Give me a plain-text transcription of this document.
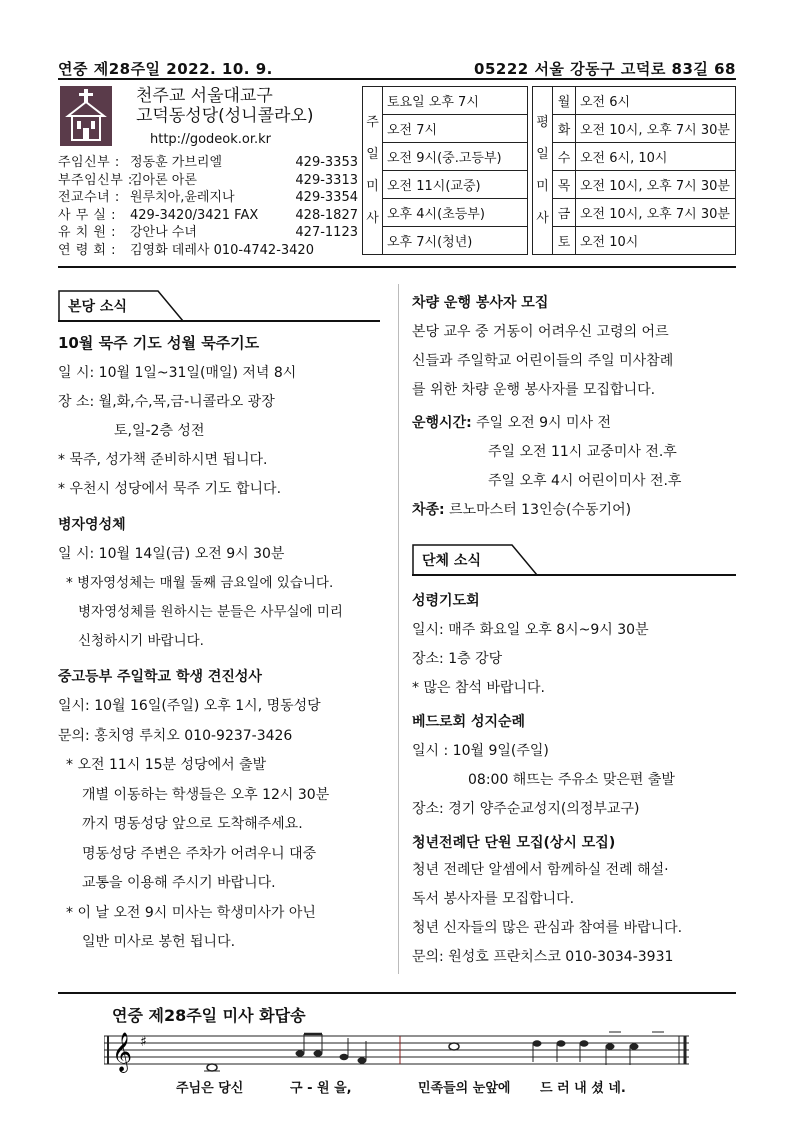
연중 제28주일 2022. 10. 9.	05222 서울 강동구 고덕로 83길 68
천주교 서울대교구
고덕동성당(성니콜라오)
http://godeok.or.kr
주임신부 : 정동훈 가브리엘	429-3353
부주임신부 :김아론 아론	429-3313
전교수녀 : 원루치아,윤레지나	429-3354
사 무 실 : 429-3420/3421 FAX	428-1827
유 치 원 : 강안나 수녀	427-1123
연 령 회 : 김영화 데레사 010-4742-3420
주
일
미
사
	토요일 오후 7시
오전 7시
오전 9시(중.고등부)
오전 11시(교중)
오후 4시(초등부)
오후 7시(청년)
평
일
미
사	월	오전 6시
	화	오전 10시, 오후 7시 30분
	수	오전 6시, 10시
	목	오전 10시, 오후 7시 30분
	금	오전 10시, 오후 7시 30분
	토	오전 10시
본당 소식

10월 묵주 기도 성월 묵주기도

일 시: 10월 1일~31일(매일) 저녁 8시

장 소: 월,화,수,목,금-니콜라오 광장

토,일-2층 성전

* 묵주, 성가책 준비하시면 됩니다.

* 우천시 성당에서 묵주 기도 합니다.

병자영성체

일 시: 10월 14일(금) 오전 9시 30분

* 병자영성체는 매월 둘째 금요일에 있습니다.

병자영성체를 원하시는 분들은 사무실에 미리

신청하시기 바랍니다.

중고등부 주일학교 학생 견진성사

일시: 10월 16일(주일) 오후 1시, 명동성당

문의: 홍치영 루치오 010-9237-3426

* 오전 11시 15분 성당에서 출발

개별 이동하는 학생들은 오후 12시 30분

까지 명동성당 앞으로 도착해주세요.

명동성당 주변은 주차가 어려우니 대중

교통을 이용해 주시기 바랍니다.

* 이 날 오전 9시 미사는 학생미사가 아닌

일반 미사로 봉헌 됩니다.

차량 운행 봉사자 모집

본당 교우 중 거동이 어려우신 고령의 어르

신들과 주일학교 어린이들의 주일 미사참례

를 위한 차량 운행 봉사자를 모집합니다.

운행시간: 주일 오전 9시 미사 전

주일 오전 11시 교중미사 전.후

주일 오후 4시 어린이미사 전.후

차종: 르노마스터 13인승(수동기어)

단체 소식

성령기도회

일시: 매주 화요일 오후 8시~9시 30분

장소: 1층 강당

* 많은 참석 바랍니다.

베드로회 성지순례

일시 : 10월 9일(주일)

08:00 해뜨는 주유소 맞은편 출발

장소: 경기 양주순교성지(의정부교구)

청년전례단 단원 모집(상시 모집)

청년 전례단 알셈에서 함께하실 전례 해설·

독서 봉사자를 모집합니다.

청년 신자들의 많은 관심과 참여를 바랍니다.

문의: 원성호 프란치스코 010-3034-3931

연중 제28주일 미사 화답송
𝄞 ♯
주님은 당신	구 - 원 을,	민족들의 눈앞에 드 러 내 셨 네.
